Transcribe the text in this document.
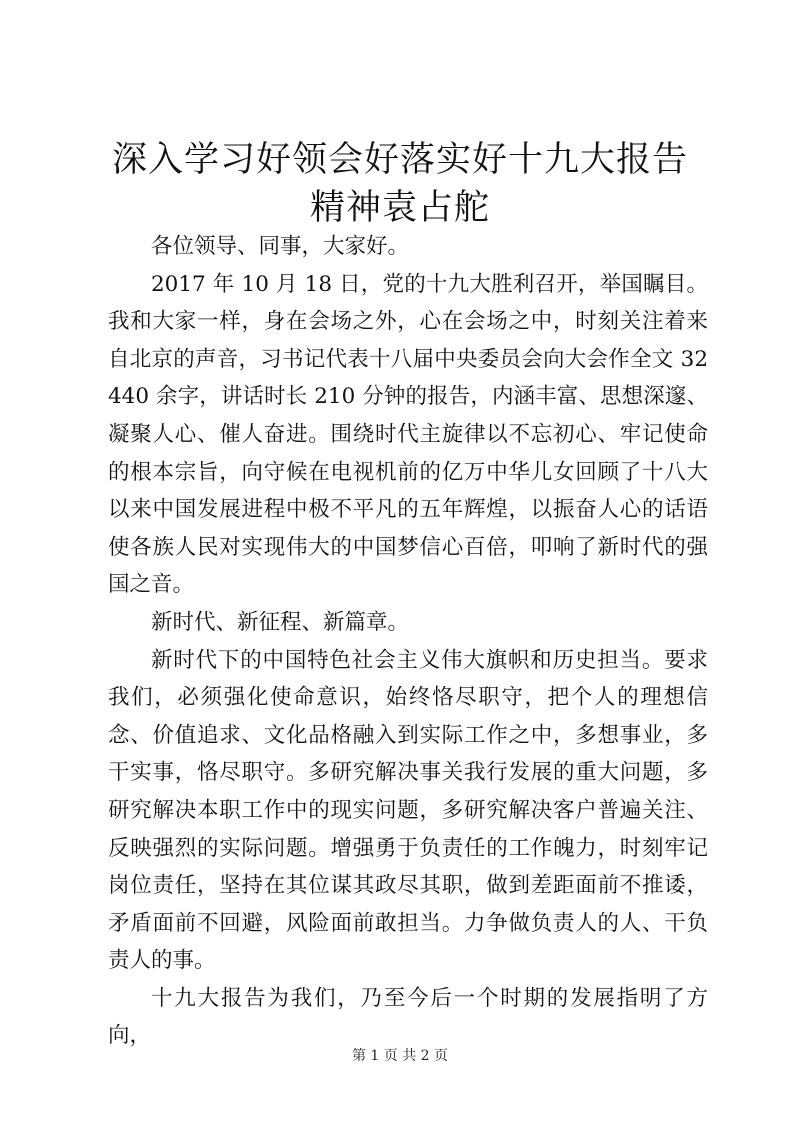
深入学习好领会好落实好十九大报告精神袁占舵

各位领导、同事，大家好。

2017 年 10 月 18 日，党的十九大胜利召开，举国瞩目。我和大家一样，身在会场之外，心在会场之中，时刻关注着来自北京的声音，习书记代表十八届中央委员会向大会作全文 32440 余字，讲话时长 210 分钟的报告，内涵丰富、思想深邃、凝聚人心、催人奋进。围绕时代主旋律以不忘初心、牢记使命的根本宗旨，向守候在电视机前的亿万中华儿女回顾了十八大以来中国发展进程中极不平凡的五年辉煌，以振奋人心的话语使各族人民对实现伟大的中国梦信心百倍，叩响了新时代的强国之音。

新时代、新征程、新篇章。

新时代下的中国特色社会主义伟大旗帜和历史担当。要求我们，必须强化使命意识，始终恪尽职守，把个人的理想信念、价值追求、文化品格融入到实际工作之中，多想事业，多干实事，恪尽职守。多研究解决事关我行发展的重大问题，多研究解决本职工作中的现实问题，多研究解决客户普遍关注、反映强烈的实际问题。增强勇于负责任的工作魄力，时刻牢记岗位责任，坚持在其位谋其政尽其职，做到差距面前不推诿，矛盾面前不回避，风险面前敢担当。力争做负责人的人、干负责人的事。

十九大报告为我们，乃至今后一个时期的发展指明了方向，

第 1 页 共 2 页
